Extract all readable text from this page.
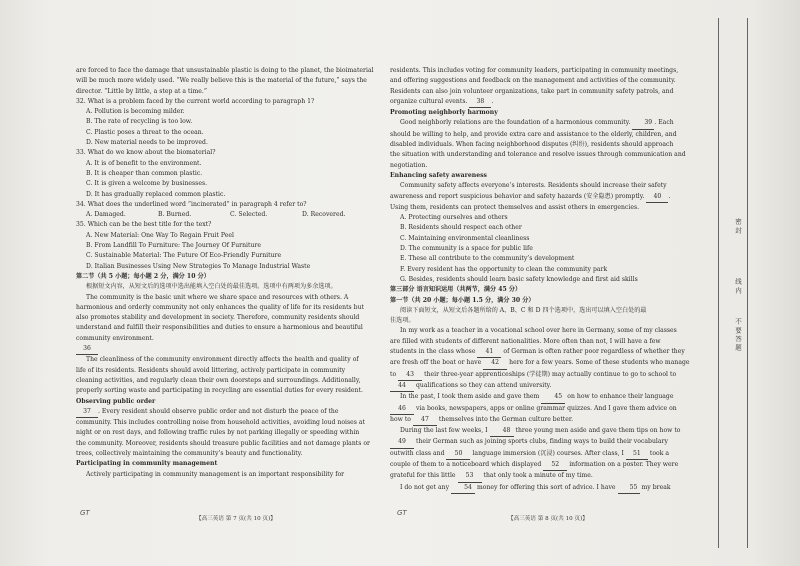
are forced to face the damage that unsustainable plastic is doing to the planet, the bioimaterial
will be much more widely used. “We really believe this is the material of the future,” says the
director. “Little by little, a step at a time.”
32. What is a problem faced by the current world according to paragraph 1?
A. Pollution is becoming milder.
B. The rate of recycling is too low.
C. Plastic poses a threat to the ocean.
D. New material needs to be improved.
33. What do we know about the biomaterial?
A. It is of benefit to the environment.
B. It is cheaper than common plastic.
C. It is given a welcome by businesses.
D. It has gradually replaced common plastic.
34. What does the underlined word “incinerated” in paragraph 4 refer to?
A. Damaged.	B. Burned.	C. Selected.	D. Recovered.
35. Which can be the best title for the text?
A. New Material: One Way To Regain Fruit Peel
B. From Landfill To Furniture: The Journey Of Furniture
C. Sustainable Material: The Future Of Eco-Friendly Furniture
D. Italian Businesses Using New Strategies To Manage Industrial Waste
第二节（共 5 小题；每小题 2 分，满分 10 分）
根据短文内容，从短文后的选项中选出能填入空白处的最佳选项。选项中有两项为多余选项。
The community is the basic unit where we share space and resources with others. A
harmonious and orderly community not only enhances the quality of life for its residents but
also promotes stability and development in society. Therefore, community residents should
understand and fulfill their responsibilities and duties to ensure a harmonious and beautiful
community environment.
36
The cleanliness of the community environment directly affects the health and quality of
life of its residents. Residents should avoid littering, actively participate in community
cleaning activities, and regularly clean their own doorsteps and surroundings. Additionally,
properly sorting waste and participating in recycling are essential duties for every resident.
Observing public order
37 . Every resident should observe public order and not disturb the peace of the
community. This includes controlling noise from household activities, avoiding loud noises at
night or on rest days, and following traffic rules by not parking illegally or speeding within
the community. Moreover, residents should treasure public facilities and not damage plants or
trees, collectively maintaining the community’s beauty and functionality.
Participating in community management
Actively participating in community management is an important responsibility for
residents. This includes voting for community leaders, participating in community meetings,
and offering suggestions and feedback on the management and activities of the community.
Residents can also join volunteer organizations, take part in community safety patrols, and
organize cultural events. 38 .
Promoting neighborly harmony
Good neighborly relations are the foundation of a harmonious community. 39 . Each
should be willing to help, and provide extra care and assistance to the elderly, children, and
disabled individuals. When facing neighborhood disputes (纠纷), residents should approach
the situation with understanding and tolerance and resolve issues through communication and
negotiation.
Enhancing safety awareness
Community safety affects everyone’s interests. Residents should increase their safety
awareness and report suspicious behavior and safety hazards (安全隐患) promptly. 40 .
Using them, residents can protect themselves and assist others in emergencies.
A. Protecting ourselves and others
B. Residents should respect each other
C. Maintaining environmental cleanliness
D. The community is a space for public life
E. These all contribute to the community’s development
F. Every resident has the opportunity to clean the community park
G. Besides, residents should learn basic safety knowledge and first aid skills
第三部分 语言知识运用（共两节，满分 45 分）
第一节（共 20 小题；每小题 1.5 分，满分 30 分）
阅读下面短文，从短文后各题所给的 A、B、C 和 D 四个选项中，选出可以填入空白处的最
佳选项。
In my work as a teacher in a vocational school over here in Germany, some of my classes
are filled with students of different nationalities. More often than not, I will have a few
students in the class whose 41 of German is often rather poor regardless of whether they
are fresh off the boat or have 42 here for a few years. Some of these students who manage
to 43 their three-year apprenticeships (学徒期) may actually continue to go to school to
44 qualifications so they can attend university.
In the past, I took them aside and gave them 45 on how to enhance their language
46 via books, newspapers, apps or online grammar quizzes. And I gave them advice on
how to 47 themselves into the German culture better.
During the last few weeks, I 48 three young men aside and gave them tips on how to
49 their German such as joining sports clubs, finding ways to build their vocabulary
outwith class and 50 language immersion (沉浸) courses. After class, I 51 took a
couple of them to a noticeboard which displayed 52 information on a poster. They were
grateful for this little 53 that only took a minute of my time.
I do not get any 54 money for offering this sort of advice. I have 55 my break
GT
【高三英语 第 7 页(共 10 页)】
GT
【高三英语 第 8 页(共 10 页)】
密 封
线 内
不 要 答 题
